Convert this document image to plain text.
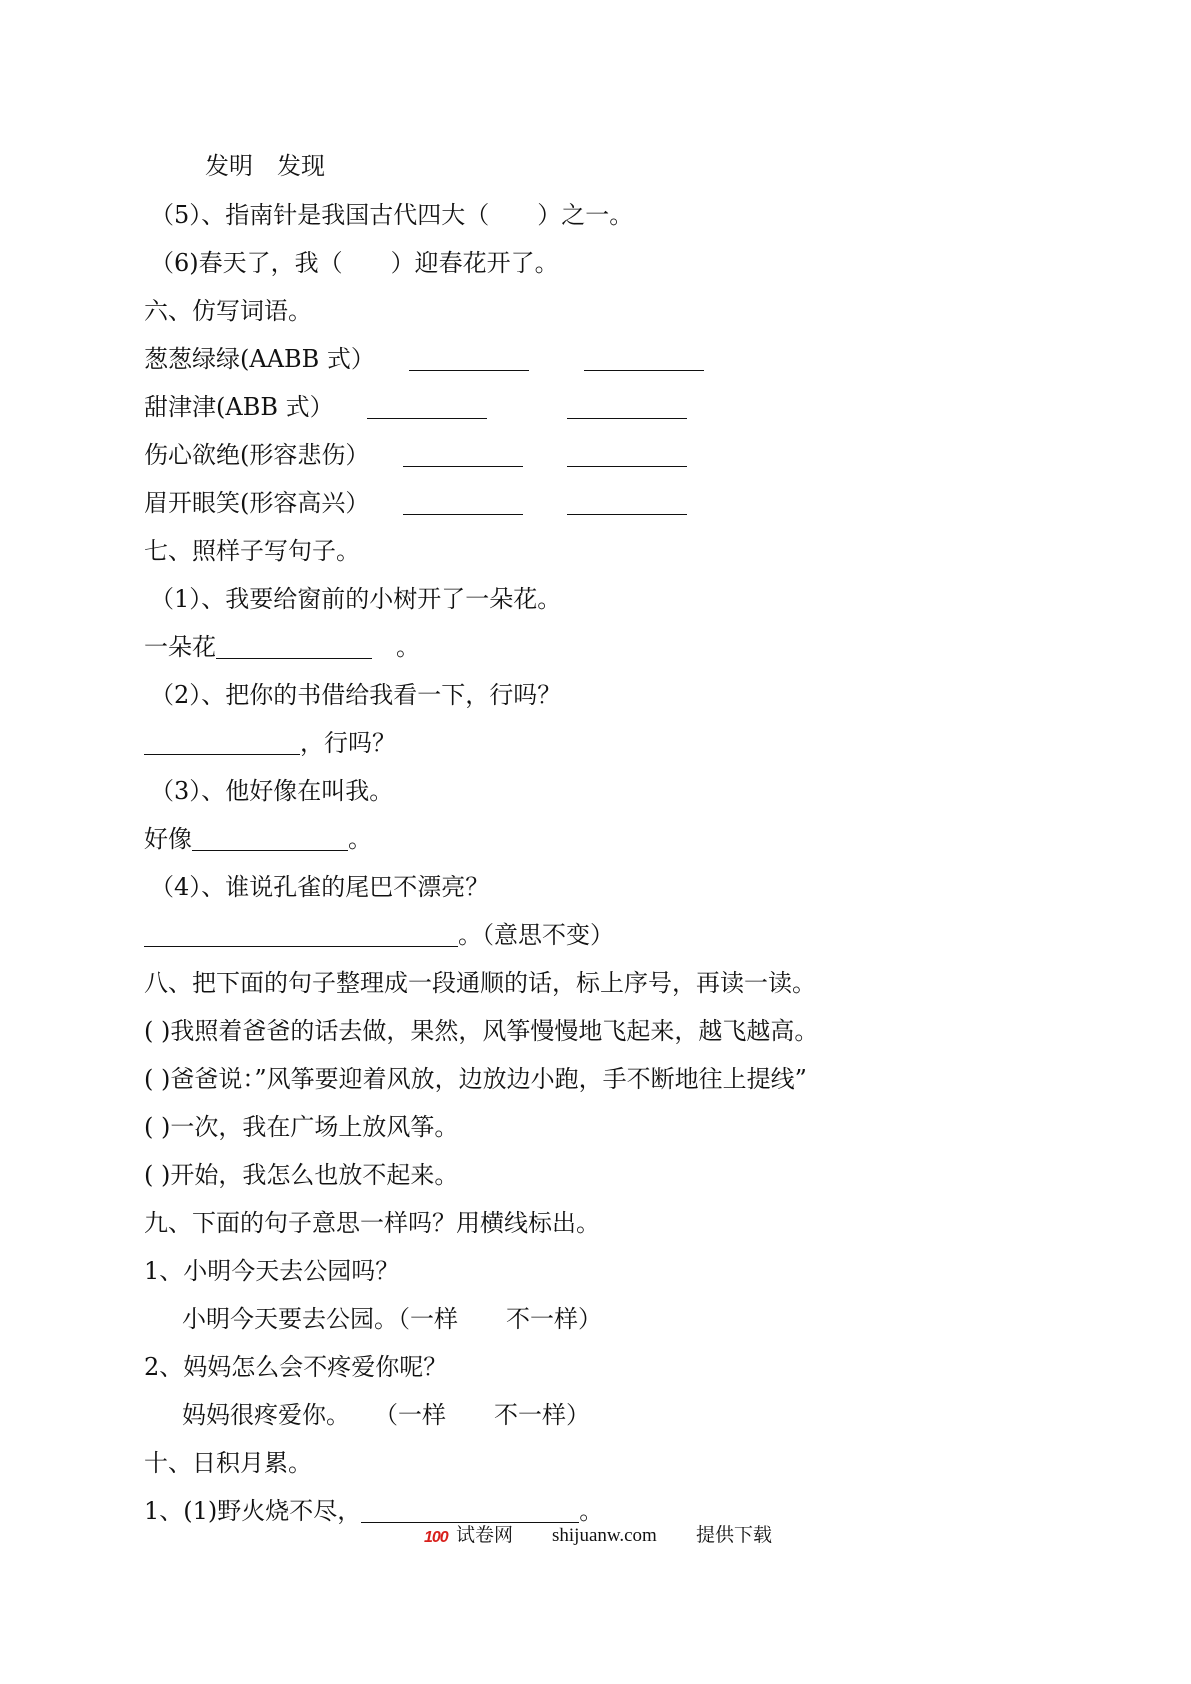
发明　发现
（5）、指南针是我国古代四大（　　）之一。
（6)春天了，我（　　）迎春花开了。
六、仿写词语。
葱葱绿绿(AABB 式）
甜津津(ABB 式）
伤心欲绝(形容悲伤）
眉开眼笑(形容高兴）
七、照样子写句子。
（1）、我要给窗前的小树开了一朵花。
一朵花	　。
（2）、把你的书借给我看一下，行吗？
，行吗？
（3）、他好像在叫我。
好像	。
（4）、谁说孔雀的尾巴不漂亮？
。（意思不变）
八、把下面的句子整理成一段通顺的话，标上序号，再读一读。
( )我照着爸爸的话去做，果然，风筝慢慢地飞起来，越飞越高。
( )爸爸说：”风筝要迎着风放，边放边小跑，手不断地往上提线”
( )一次，我在广场上放风筝。
( )开始，我怎么也放不起来。
九、下面的句子意思一样吗？用横线标出。
1、小明今天去公园吗？
小明今天要去公园。（一样　　不一样）
2、妈妈怎么会不疼爱你呢？
妈妈很疼爱你。　　（一样　　不一样）
十、日积月累。
1、(1)野火烧不尽，	。
100 试卷网 shijuanw.com 提供下载
